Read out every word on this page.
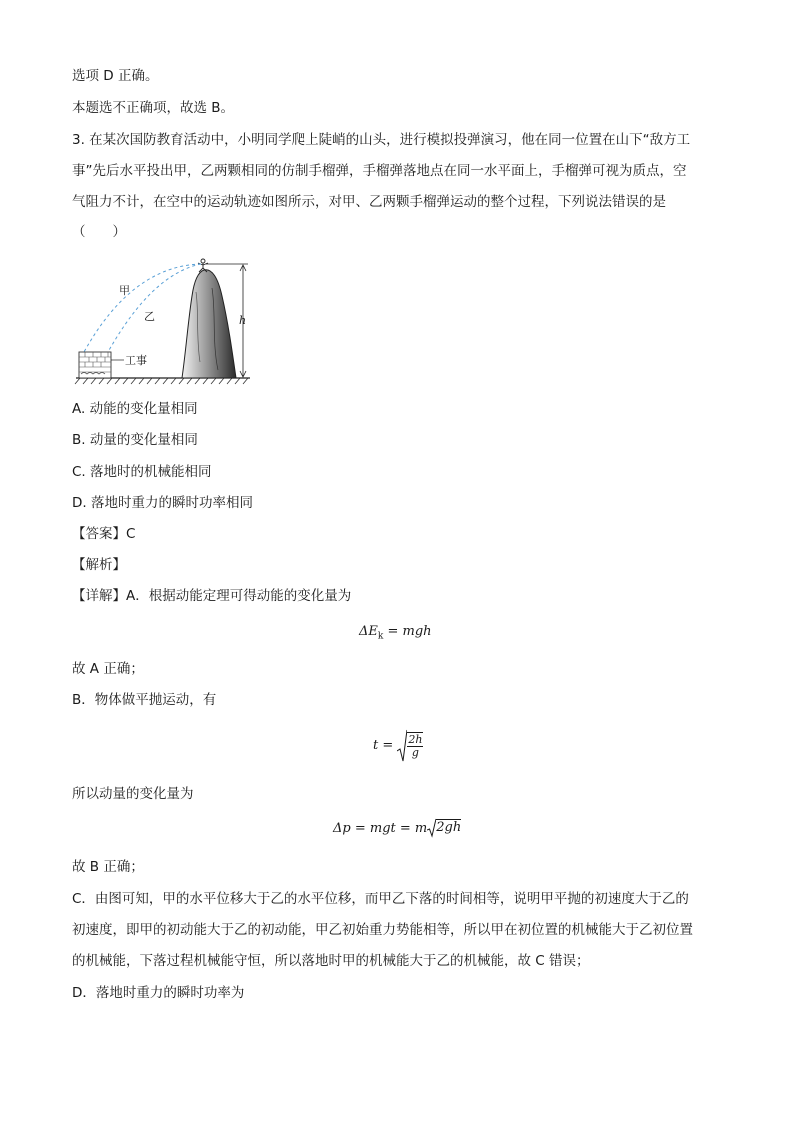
选项 D 正确。
本题选不正确项，故选 B。
3. 在某次国防教育活动中，小明同学爬上陡峭的山头，进行模拟投弹演习，他在同一位置在山下“敌方工
事”先后水平投出甲，乙两颗相同的仿制手榴弹，手榴弹落地点在同一水平面上，手榴弹可视为质点，空
气阻力不计，在空中的运动轨迹如图所示，对甲、乙两颗手榴弹运动的整个过程，下列说法错误的是
（　　）
甲
乙	h
工事
A. 动能的变化量相同
B. 动量的变化量相同
C. 落地时的机械能相同
D. 落地时重力的瞬时功率相同
【答案】C
【解析】
【详解】A．根据动能定理可得动能的变化量为
$\Delta E_k$ = mgh
故 A 正确；
B．物体做平抛运动，有
$t = \frac{2h}{g}$
所以动量的变化量为
Δp = mgt = m 2gh
故 B 正确；
C．由图可知，甲的水平位移大于乙的水平位移，而甲乙下落的时间相等，说明甲平抛的初速度大于乙的
初速度，即甲的初动能大于乙的初动能，甲乙初始重力势能相等，所以甲在初位置的机械能大于乙初位置
的机械能，下落过程机械能守恒，所以落地时甲的机械能大于乙的机械能，故 C 错误；
D．落地时重力的瞬时功率为
